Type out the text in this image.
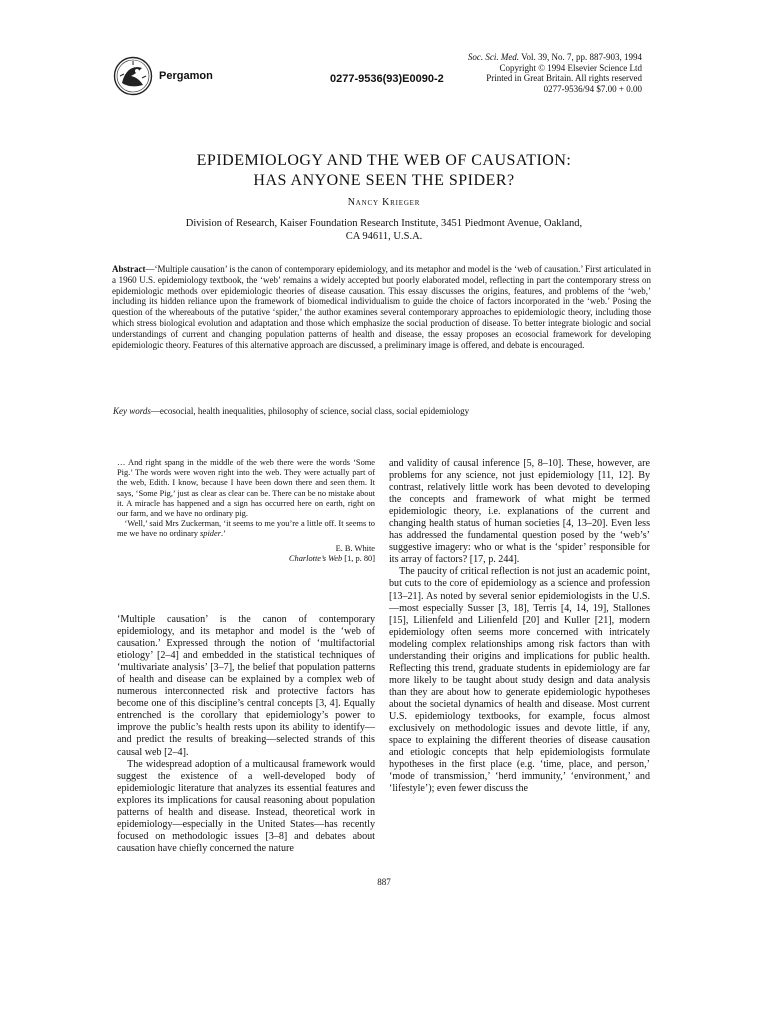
Pergamon	0277-9536(93)E0090-2
Soc. Sci. Med. Vol. 39, No. 7, pp. 887-903, 1994
Copyright © 1994 Elsevier Science Ltd
Printed in Great Britain. All rights reserved
0277-9536/94 $7.00 + 0.00
EPIDEMIOLOGY AND THE WEB OF CAUSATION:
HAS ANYONE SEEN THE SPIDER?
Nancy Krieger
Division of Research, Kaiser Foundation Research Institute, 3451 Piedmont Avenue, Oakland,
CA 94611, U.S.A.
Abstract—‘Multiple causation’ is the canon of contemporary epidemiology, and its metaphor and model is the ‘web of causation.’ First articulated in a 1960 U.S. epidemiology textbook, the ‘web’ remains a widely accepted but poorly elaborated model, reflecting in part the contemporary stress on epidemiologic methods over epidemiologic theories of disease causation. This essay discusses the origins, features, and problems of the ‘web,’ including its hidden reliance upon the framework of biomedical individualism to guide the choice of factors incorporated in the ‘web.’ Posing the question of the whereabouts of the putative ‘spider,’ the author examines several contemporary approaches to epidemiologic theory, including those which stress biological evolution and adaptation and those which emphasize the social production of disease. To better integrate biologic and social understandings of current and changing population patterns of health and disease, the essay proposes an ecosocial framework for developing epidemiologic theory. Features of this alternative approach are discussed, a preliminary image is offered, and debate is encouraged.
Key words—ecosocial, health inequalities, philosophy of science, social class, social epidemiology

… And right spang in the middle of the web there were the words ‘Some Pig.’ The words were woven right into the web. They were actually part of the web, Edith. I know, because I have been down there and seen them. It says, ‘Some Pig,’ just as clear as clear can be. There can be no mistake about it. A miracle has happened and a sign has occurred here on earth, right on our farm, and we have no ordinary pig.

‘Well,’ said Mrs Zuckerman, ‘it seems to me you’re a little off. It seems to me we have no ordinary spider.’

E. B. White
Charlotte’s Web [1, p. 80]

‘Multiple causation’ is the canon of contemporary epidemiology, and its metaphor and model is the ‘web of causation.’ Expressed through the notion of ‘multifactorial etiology’ [2–4] and embedded in the statistical techniques of ‘multivariate analysis’ [3–7], the belief that population patterns of health and disease can be explained by a complex web of numerous interconnected risk and protective factors has become one of this discipline’s central concepts [3, 4]. Equally entrenched is the corollary that epidemiology’s power to improve the public’s health rests upon its ability to identify—and predict the results of breaking—selected strands of this causal web [2–4].

The widespread adoption of a multicausal framework would suggest the existence of a well-developed body of epidemiologic literature that analyzes its essential features and explores its implications for causal reasoning about population patterns of health and disease. Instead, theoretical work in epidemiology—especially in the United States—has recently focused on methodologic issues [3–8] and debates about causation have chiefly concerned the nature

and validity of causal inference [5, 8–10]. These, however, are problems for any science, not just epidemiology [11, 12]. By contrast, relatively little work has been devoted to developing the concepts and framework of what might be termed epidemiologic theory, i.e. explanations of the current and changing health status of human societies [4, 13–20]. Even less has addressed the fundamental question posed by the ‘web’s’ suggestive imagery: who or what is the ‘spider’ responsible for its array of factors? [17, p. 244].

The paucity of critical reflection is not just an academic point, but cuts to the core of epidemiology as a science and profession [13–21]. As noted by several senior epidemiologists in the U.S.—most especially Susser [3, 18], Terris [4, 14, 19], Stallones [15], Lilienfeld and Lilienfeld [20] and Kuller [21], modern epidemiology often seems more concerned with intricately modeling complex relationships among risk factors than with understanding their origins and implications for public health. Reflecting this trend, graduate students in epidemiology are far more likely to be taught about study design and data analysis than they are about how to generate epidemiologic hypotheses about the societal dynamics of health and disease. Most current U.S. epidemiology textbooks, for example, focus almost exclusively on methodologic issues and devote little, if any, space to explaining the different theories of disease causation and etiologic concepts that help epidemiologists formulate hypotheses in the first place (e.g. ‘time, place, and person,’ ‘mode of transmission,’ ‘herd immunity,’ ‘environment,’ and ‘lifestyle’); even fewer discuss the

887
